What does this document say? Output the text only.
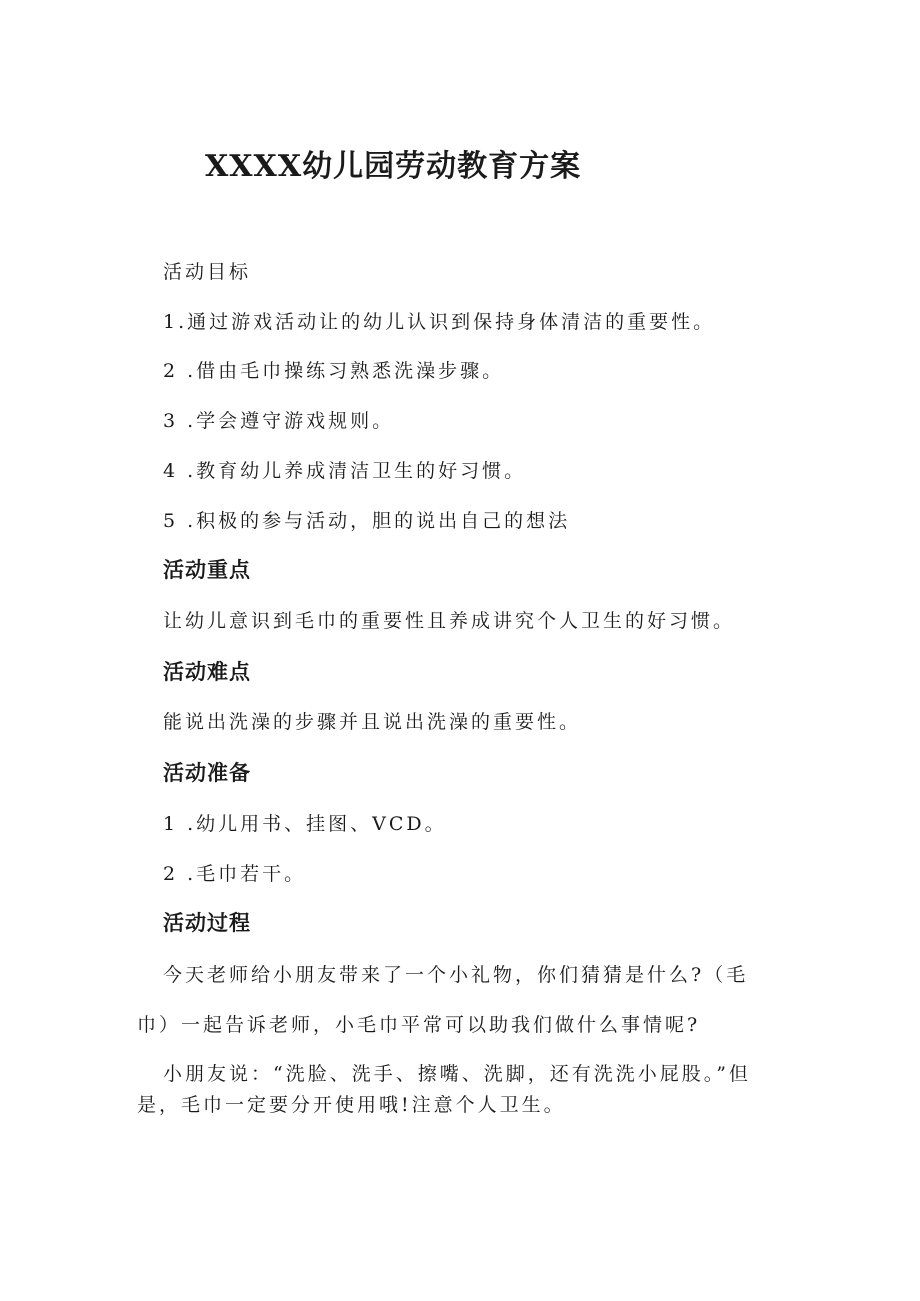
XXXX幼儿园劳动教育方案

活动目标

1.通过游戏活动让的幼儿认识到保持身体清洁的重要性。

2 .借由毛巾操练习熟悉洗澡步骤。

3 .学会遵守游戏规则。

4 .教育幼儿养成清洁卫生的好习惯。

5 .积极的参与活动，胆的说出自己的想法

活动重点

让幼儿意识到毛巾的重要性且养成讲究个人卫生的好习惯。

活动难点

能说出洗澡的步骤并且说出洗澡的重要性。

活动准备

1 .幼儿用书、挂图、VCD。

2 .毛巾若干。

活动过程

今天老师给小朋友带来了一个小礼物，你们猜猜是什么?（毛

巾）一起告诉老师，小毛巾平常可以助我们做什么事情呢?

小朋友说：“洗脸、洗手、擦嘴、洗脚，还有洗洗小屁股。”但

是，毛巾一定要分开使用哦!注意个人卫生。
